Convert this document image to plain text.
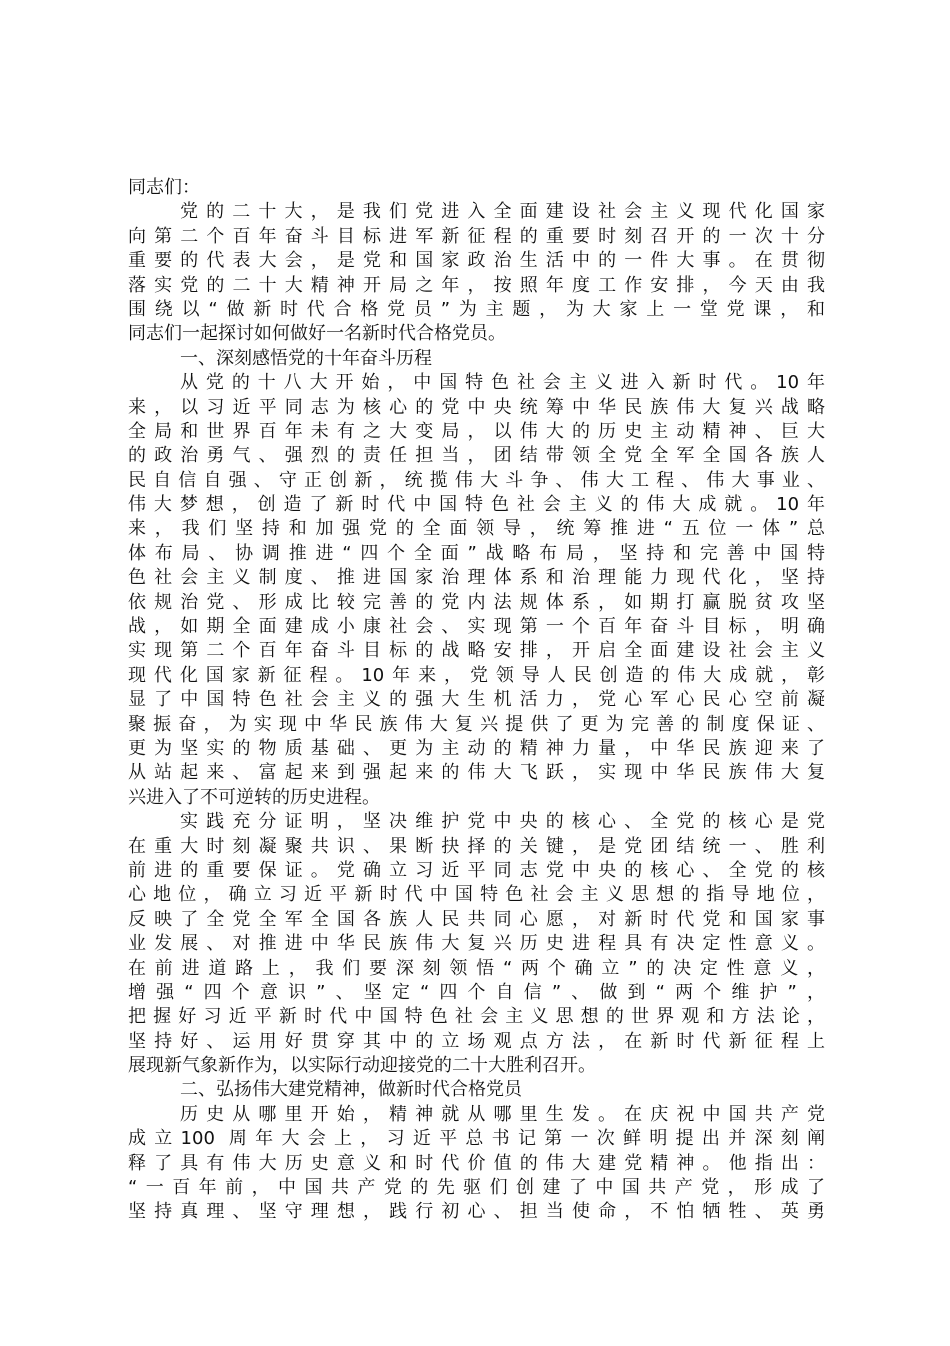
同志们：
党的二十大，是我们党进入全面建设社会主义现代化国家
向第二个百年奋斗目标进军新征程的重要时刻召开的一次十分
重要的代表大会，是党和国家政治生活中的一件大事。在贯彻
落实党的二十大精神开局之年，按照年度工作安排，今天由我
围绕以“做新时代合格党员”为主题，为大家上一堂党课，和
同志们一起探讨如何做好一名新时代合格党员。
一、深刻感悟党的十年奋斗历程
从党的十八大开始，中国特色社会主义进入新时代。10年
来，以习近平同志为核心的党中央统筹中华民族伟大复兴战略
全局和世界百年未有之大变局，以伟大的历史主动精神、巨大
的政治勇气、强烈的责任担当，团结带领全党全军全国各族人
民自信自强、守正创新，统揽伟大斗争、伟大工程、伟大事业、
伟大梦想，创造了新时代中国特色社会主义的伟大成就。10年
来，我们坚持和加强党的全面领导，统筹推进“五位一体”总
体布局、协调推进“四个全面”战略布局，坚持和完善中国特
色社会主义制度、推进国家治理体系和治理能力现代化，坚持
依规治党、形成比较完善的党内法规体系，如期打赢脱贫攻坚
战，如期全面建成小康社会、实现第一个百年奋斗目标，明确
实现第二个百年奋斗目标的战略安排，开启全面建设社会主义
现代化国家新征程。10年来，党领导人民创造的伟大成就，彰
显了中国特色社会主义的强大生机活力，党心军心民心空前凝
聚振奋，为实现中华民族伟大复兴提供了更为完善的制度保证、
更为坚实的物质基础、更为主动的精神力量，中华民族迎来了
从站起来、富起来到强起来的伟大飞跃，实现中华民族伟大复
兴进入了不可逆转的历史进程。
实践充分证明，坚决维护党中央的核心、全党的核心是党
在重大时刻凝聚共识、果断抉择的关键，是党团结统一、胜利
前进的重要保证。党确立习近平同志党中央的核心、全党的核
心地位，确立习近平新时代中国特色社会主义思想的指导地位，
反映了全党全军全国各族人民共同心愿，对新时代党和国家事
业发展、对推进中华民族伟大复兴历史进程具有决定性意义。
在前进道路上，我们要深刻领悟“两个确立”的决定性意义，
增强“四个意识”、坚定“四个自信”、做到“两个维护”，
把握好习近平新时代中国特色社会主义思想的世界观和方法论，
坚持好、运用好贯穿其中的立场观点方法，在新时代新征程上
展现新气象新作为，以实际行动迎接党的二十大胜利召开。
二、弘扬伟大建党精神，做新时代合格党员
历史从哪里开始，精神就从哪里生发。在庆祝中国共产党
成立100 周年大会上，习近平总书记第一次鲜明提出并深刻阐
释了具有伟大历史意义和时代价值的伟大建党精神。他指出：
“一百年前，中国共产党的先驱们创建了中国共产党，形成了
坚持真理、坚守理想，践行初心、担当使命，不怕牺牲、英勇
